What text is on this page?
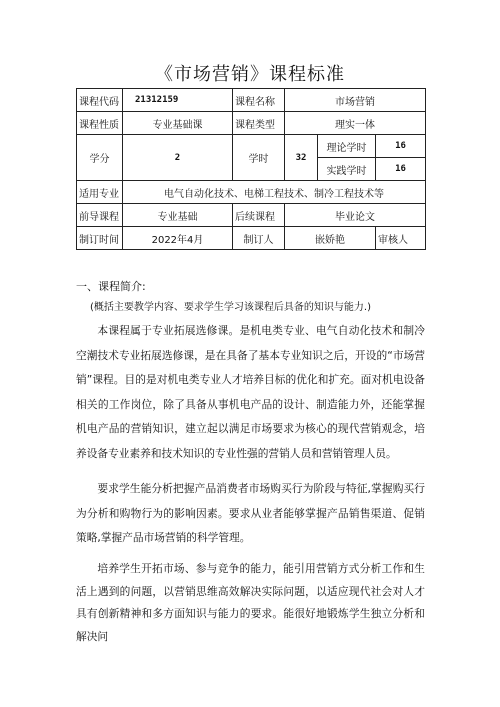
《市场营销》课程标准
课程代码	21312159	课程名称	市场营销		
课程性质	专业基础课	课程类型	理实一体		
学分	2	学时	32	理论学时	16
				实践学时	16
适用专业	电气自动化技术、电梯工程技术、制冷工程技术等				
前导课程	专业基础	后续课程	毕业论文		
制订时间	2022年4月	制订人	嵌娇艳		审核人
一、课程简介:
(概括主要教学内容、要求学生学习该课程后具备的知识与能力.)

本课程属于专业拓展选修课。是机电类专业、电气自动化技术和制冷空潮技术专业拓展选修课，是在具备了基本专业知识之后，开设的“市场营销”课程。目的是对机电类专业人才培养目标的优化和扩充。面对机电设备相关的工作岗位，除了具备从事机电产品的设计、制造能力外，还能掌握机电产品的营销知识，建立起以满足市场要求为核心的现代营销观念，培养设备专业素养和技术知识的专业性强的营销人员和营销管理人员。

要求学生能分析把握产品消费者市场购买行为阶段与特征,掌握购买行为分析和购物行为的影响因素。要求从业者能够掌握产品销售渠道、促销策略,掌握产品市场营销的科学管理。

培养学生开拓市场、参与竞争的能力，能引用营销方式分析工作和生活上遇到的问题，以营销思维高效解决实际问题，以适应现代社会对人才具有创新精神和多方面知识与能力的要求。能很好地锻炼学生独立分析和解决问
